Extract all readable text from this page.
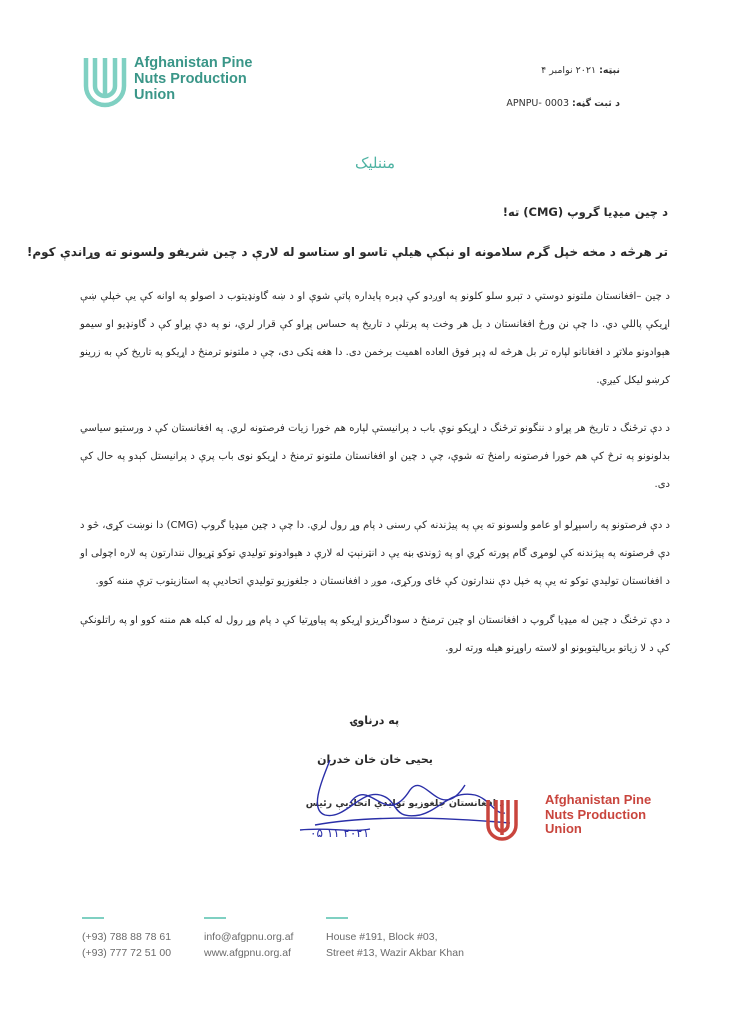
Afghanistan Pine Nuts Production Union
نېټه: ۲۰۲۱ نوامبر ۴
د ثبت گڼه: APNPU- 0003
مننلیک
د چین میډیا گروپ (CMG) ته!
تر هرڅه د مخه خپل گرم سلامونه او نېکې هیلې تاسو او ستاسو له لارې د چین شریفو ولسونو ته وړاندې کوم!
د چین –افغانستان ملتونو دوستي د تېرو سلو کلونو په اوږدو کې ډېره پایداره پاتې شوې او د ښه گاونډیتوب د اصولو په اوانه کې یې خپلې ښې اړیکې پاللي دي. دا چې نن ورځ افغانستان د بل هر وخت په پرتلې د تاریخ په حساس پړاو کې قرار لري، نو په دې پړاو کې د گاونډیو او سیمو هېوادونو ملاتړ د افغانانو لپاره تر بل هرڅه له ډېر فوق العاده اهمیت برخمن دی. دا هغه ټکی دی، چې د ملتونو ترمنځ د اړیکو په تاریخ کې به زرینو کرښو لیکل کیږي.
د دې ترڅنگ د تاریخ هر پړاو د ننگونو ترڅنگ د اړیکو نوې باب د پرانیستې لپاره هم خورا زیات فرصتونه لري. په افغانستان کې د ورستیو سیاسي بدلونونو په ترڅ کې هم خورا فرصتونه رامنځ ته شوې، چې د چین او افغانستان ملتونو ترمنځ د اړیکو نوی باب پرې د پرانیستل کېدو په حال کې دی.
د دې فرصتونو په راسپړلو او عامو ولسونو ته یې په پیژندنه کې رسنی د پام وړ رول لري. دا چې د چین میډیا گروپ (CMG) دا نوښت کړی، څو د دې فرصتونه په پیژندنه کې لومړی گام پورته کړي او په ژوندۍ بڼه یې د انټرنېټ له لارې د هېوادونو تولیدي توکو ټړیوال نندارتون په لاره اچولی او د افغانستان تولیدي توکو ته یې په خپل دې نندارتون کې ځای ورکړی، موږ د افغانستان د جلغوزیو تولیدي اتحادیې په استازیتوب ترې مننه کوو.
د دې ترڅنگ د چین له میډیا گروپ د افغانستان او چین ترمنځ د سوداگریزو اړیکو په پیاوړتیا کې د پام وړ رول له کبله هم مننه کوو او په راتلونکې کې د لا زیاتو بریالیتوبونو او لاسته راوړنو هیله ورته لرو.
په درناوۍ
یحیی خان خان خدران
د افغانستان جلغوزیو تولیدي اتحادیې رئیس
۰۵ ۱۱ ۲۰۲۱
Afghanistan Pine Nuts Production Union
(+93) 788 88 78 61
(+93) 777 72 51 00
info@afgpnu.org.af
www.afgpnu.org.af
House #191, Block #03,
Street #13, Wazir Akbar Khan
